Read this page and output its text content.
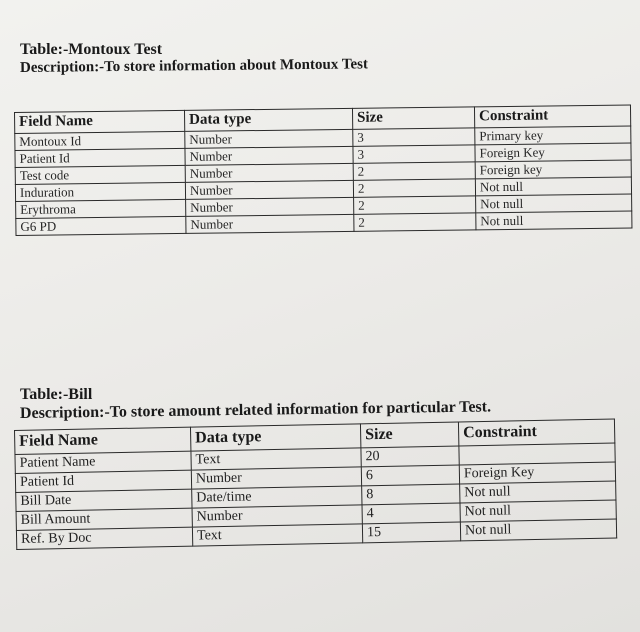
Table:-Montoux Test
Description:-To store information about Montoux Test
Field Name	Data type	Size	Constraint
Montoux Id	Number	3	Primary key
Patient Id	Number	3	Foreign Key
Test code	Number	2	Foreign key
Induration	Number	2	Not null
Erythroma	Number	2	Not null
G6 PD	Number	2	Not null
Table:-Bill
Description:-To store amount related information for particular Test.
Field Name	Data type	Size	Constraint
Patient Name	Text	20	
Patient Id	Number	6	Foreign Key
Bill Date	Date/time	8	Not null
Bill Amount	Number	4	Not null
Ref. By Doc	Text	15	Not null
